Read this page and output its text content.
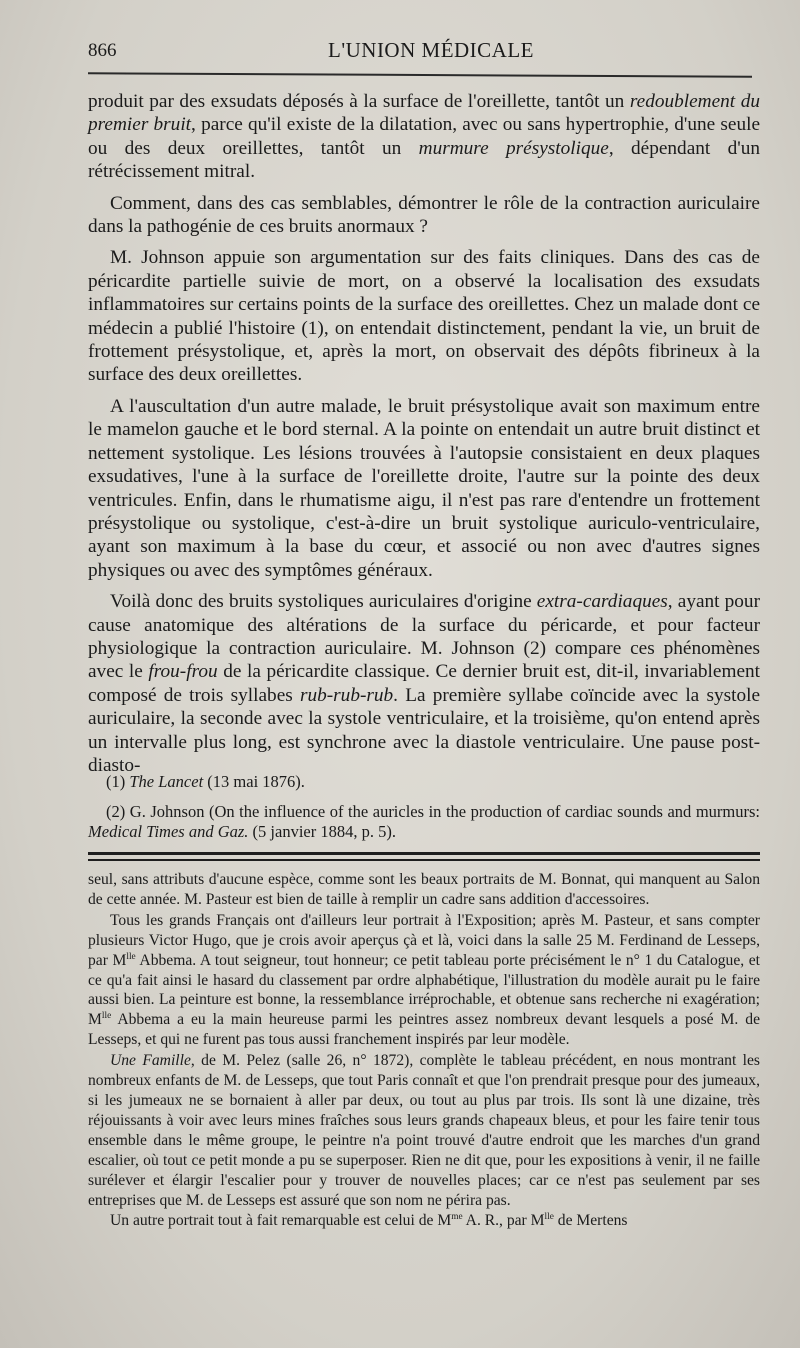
866	L'UNION MÉDICALE

produit par des exsudats déposés à la surface de l'oreillette, tantôt un redoublement du premier bruit, parce qu'il existe de la dilatation, avec ou sans hypertrophie, d'une seule ou des deux oreillettes, tantôt un murmure présystolique, dépendant d'un rétrécissement mitral.

Comment, dans des cas semblables, démontrer le rôle de la contraction auriculaire dans la pathogénie de ces bruits anormaux ?

M. Johnson appuie son argumentation sur des faits cliniques. Dans des cas de péricardite partielle suivie de mort, on a observé la localisation des exsudats inflammatoires sur certains points de la surface des oreillettes. Chez un malade dont ce médecin a publié l'histoire (1), on entendait distinctement, pendant la vie, un bruit de frottement présystolique, et, après la mort, on observait des dépôts fibrineux à la surface des deux oreillettes.

A l'auscultation d'un autre malade, le bruit présystolique avait son maximum entre le mamelon gauche et le bord sternal. A la pointe on entendait un autre bruit distinct et nettement systolique. Les lésions trouvées à l'autopsie consistaient en deux plaques exsudatives, l'une à la surface de l'oreillette droite, l'autre sur la pointe des deux ventricules. Enfin, dans le rhumatisme aigu, il n'est pas rare d'entendre un frottement présystolique ou systolique, c'est-à-dire un bruit systolique auriculo-ventriculaire, ayant son maximum à la base du cœur, et associé ou non avec d'autres signes physiques ou avec des symptômes généraux.

Voilà donc des bruits systoliques auriculaires d'origine extra-cardiaques, ayant pour cause anatomique des altérations de la surface du péricarde, et pour facteur physiologique la contraction auriculaire. M. Johnson (2) compare ces phénomènes avec le frou-frou de la péricardite classique. Ce dernier bruit est, dit-il, invariablement composé de trois syllabes rub-rub-rub. La première syllabe coïncide avec la systole auriculaire, la seconde avec la systole ventriculaire, et la troisième, qu'on entend après un intervalle plus long, est synchrone avec la diastole ventriculaire. Une pause post-diasto-

(1) The Lancet (13 mai 1876).

(2) G. Johnson (On the influence of the auricles in the production of cardiac sounds and murmurs: Medical Times and Gaz. (5 janvier 1884, p. 5).

seul, sans attributs d'aucune espèce, comme sont les beaux portraits de M. Bonnat, qui manquent au Salon de cette année. M. Pasteur est bien de taille à remplir un cadre sans addition d'accessoires.

Tous les grands Français ont d'ailleurs leur portrait à l'Exposition; après M. Pasteur, et sans compter plusieurs Victor Hugo, que je crois avoir aperçus çà et là, voici dans la salle 25 M. Ferdinand de Lesseps, par $M^{lle}$ Abbema. A tout seigneur, tout honneur; ce petit tableau porte précisément le n° 1 du Catalogue, et ce qu'a fait ainsi le hasard du classement par ordre alphabétique, l'illustration du modèle aurait pu le faire aussi bien. La peinture est bonne, la ressemblance irréprochable, et obtenue sans recherche ni exagération; $M^{lle}$ Abbema a eu la main heureuse parmi les peintres assez nombreux devant lesquels a posé M. de Lesseps, et qui ne furent pas tous aussi franchement inspirés par leur modèle.

Une Famille, de M. Pelez (salle 26, n° 1872), complète le tableau précédent, en nous montrant les nombreux enfants de M. de Lesseps, que tout Paris connaît et que l'on prendrait presque pour des jumeaux, si les jumeaux ne se bornaient à aller par deux, ou tout au plus par trois. Ils sont là une dizaine, très réjouissants à voir avec leurs mines fraîches sous leurs grands chapeaux bleus, et pour les faire tenir tous ensemble dans le même groupe, le peintre n'a point trouvé d'autre endroit que les marches d'un grand escalier, où tout ce petit monde a pu se superposer. Rien ne dit que, pour les expositions à venir, il ne faille surélever et élargir l'escalier pour y trouver de nouvelles places; car ce n'est pas seulement par ses entreprises que M. de Lesseps est assuré que son nom ne périra pas.

Un autre portrait tout à fait remarquable est celui de $M^{me}$ A. R., par $M^{lle}$ de Mertens
